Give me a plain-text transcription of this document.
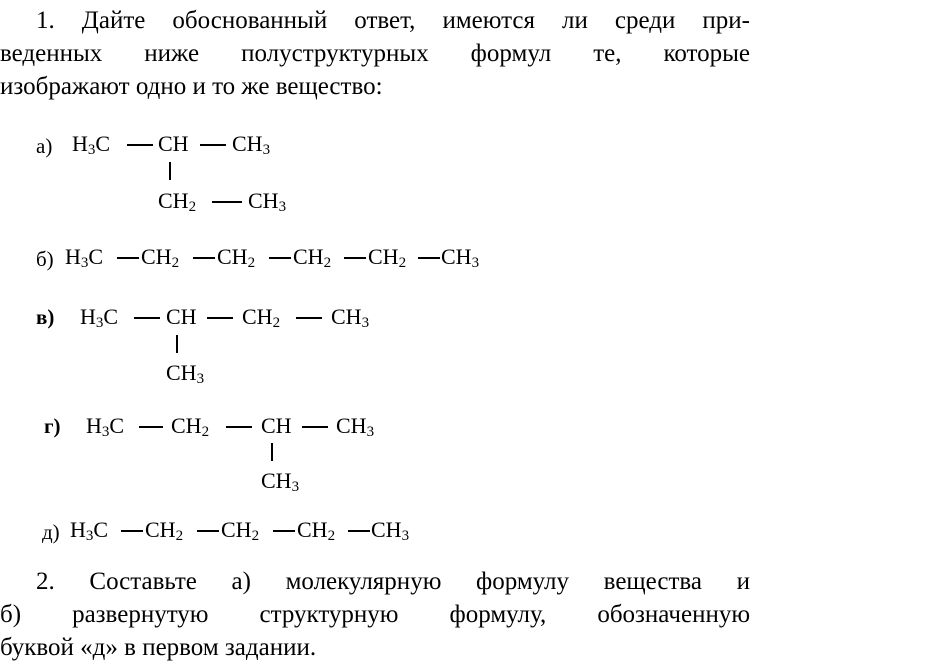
1. Дайте обоснованный ответ, имеются ли среди при-
веденных ниже полуструктурных формул те, которые
изображают одно и то же вещество:
а) $H_3C$ CH $CH_3$
$CH_2$ $CH_3$
б) $H_3C$ $CH_2$ $CH_2$ $CH_2$ $CH_2$ $CH_3$
в) $H_3C$ CH $CH_2$ $CH_3$
$CH_3$
г) $H_3C$ $CH_2$ CH $CH_3$
$CH_3$
д) $H_3C$ $CH_2$ $CH_2$ $CH_2$ $CH_3$
2. Составьте а) молекулярную формулу вещества и
б) развернутую структурную формулу, обозначенную
буквой «д» в первом задании.
